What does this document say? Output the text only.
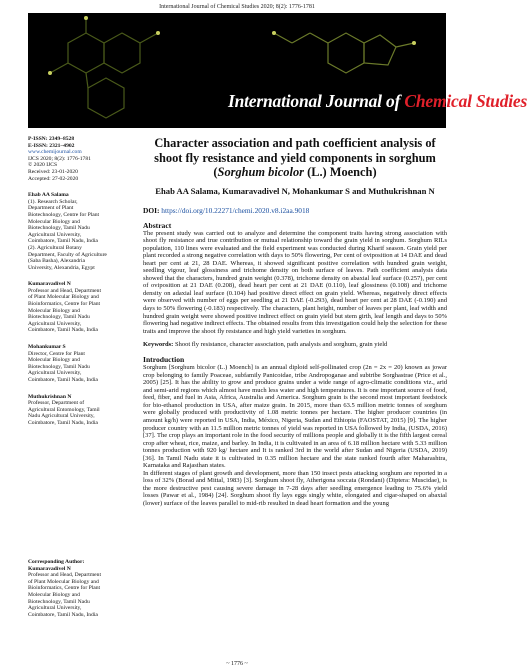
International Journal of Chemical Studies 2020; 8(2): 1776-1781
International Journal of Chemical Studies
P-ISSN: 2349–8528
E-ISSN: 2321–4902
www.chemijournal.com
IJCS 2020; 8(2): 1776-1781
© 2020 IJCS
Received: 23-01-2020
Accepted: 27-02-2020
Ehab AA Salama
(1). Research Scholar,
Department of Plant
Biotechnology, Centre for Plant
Molecular Biology and
Biotechnology, Tamil Nadu
Agricultural University,
Coimbatore, Tamil Nadu, India
(2). Agricultural Botany
Department, Faculty of Agriculture
(Saba Basha), Alexandria
University, Alexandria, Egypt
Kumaravadivel N
Professor and Head, Department
of Plant Molecular Biology and
Bioinformatics, Centre for Plant
Molecular Biology and
Biotechnology, Tamil Nadu
Agricultural University,
Coimbatore, Tamil Nadu, India
Mohankumar S
Director, Centre for Plant
Molecular Biology and
Biotechnology, Tamil Nadu
Agricultural University,
Coimbatore, Tamil Nadu, India
Muthukrishnan N
Professor, Department of
Agricultural Entomology, Tamil
Nadu Agricultural University,
Coimbatore, Tamil Nadu, India
Corresponding Author:
Kumaravadivel N
Professor and Head, Department
of Plant Molecular Biology and
Bioinformatics, Centre for Plant
Molecular Biology and
Biotechnology, Tamil Nadu
Agricultural University,
Coimbatore, Tamil Nadu, India
Character association and path coefficient analysis of shoot fly resistance and yield components in sorghum (Sorghum bicolor (L.) Moench)
Ehab AA Salama, Kumaravadivel N, Mohankumar S and Muthukrishnan N
DOI: https://doi.org/10.22271/chemi.2020.v8.i2aa.9018
Abstract

The present study was carried out to analyze and determine the component traits having strong association with shoot fly resistance and true contribution or mutual relationship toward the grain yield in sorghum. Sorghum RILs population, 110 lines were evaluated and the field experiment was conducted during Kharif season. Grain yield per plant recorded a strong negative correlation with days to 50% flowering, Per cent of oviposition at 14 DAE and dead heart per cent at 21, 28 DAE. Whereas, it showed significant positive correlation with hundred grain weight, seedling vigour, leaf glossiness and trichome density on both surface of leaves. Path coefficient analysis data showed that the characters, hundred grain weight (0.378), trichome density on abaxial leaf surface (0.257), per cent of oviposition at 21 DAE (0.208), dead heart per cent at 21 DAE (0.110), leaf glossiness (0.108) and trichome density on adaxial leaf surface (0.104) had positive direct effect on grain yield. Whereas, negatively direct effects were observed with number of eggs per seedling at 21 DAE (-0.293), dead heart per cent at 28 DAE (-0.190) and days to 50% flowering (-0.183) respectively. The characters, plant height, number of leaves per plant, leaf width and hundred grain weight were showed positive indirect effect on grain yield but stem girth, leaf length and days to 50% flowering had negative indirect effects. The obtained results from this investigation could help the selection for these traits and improve the shoot fly resistance and high yield varieties in sorghum.

Keywords: Shoot fly resistance, character association, path analysis and sorghum, grain yield

Introduction

Sorghum [Sorghum bicolor (L.) Moench] is an annual diploid self-pollinated crop (2n = 2x = 20) known as jowar crop belonging to family Poaceae, subfamily Panicoidae, tribe Andropoganae and subtribe Sorghastrae (Price et al., 2005) [25]. It has the ability to grow and produce grains under a wide range of agro-climatic conditions viz., arid and semi-arid regions which almost have much less water and high temperatures. It is one important source of food, feed, fiber, and fuel in Asia, Africa, Australia and America. Sorghum grain is the second most important feedstock for bio-ethanol production in USA, after maize grain. In 2015, more than 63.5 million metric tonnes of sorghum were globally produced with productivity of 1.08 metric tonnes per hectare. The higher producer countries (in amount kg/h) were reported in USA, India, México, Nigeria, Sudan and Ethiopia (FAOSTAT, 2015) [9]. The higher producer country with an 11.5 million metric tonnes of yield was reported in USA followed by India, (USDA, 2016) [37]. The crop plays an important role in the food security of millions people and globally it is the fifth largest cereal crop after wheat, rice, maize, and barley. In India, it is cultivated in an area of 6.18 million hectare with 5.33 million tonnes production with 920 kg/ hectare and It is ranked 3rd in the world after Sudan and Nigeria (USDA, 2019) [36]. In Tamil Nadu state it is cultivated in 0.35 million hectare and the state ranked fourth after Maharashtra, Karnataka and Rajasthan states.

In different stages of plant growth and development, more than 150 insect pests attacking sorghum are reported in a loss of 32% (Borad and Mittal, 1983) [3]. Sorghum shoot fly, Atherigona soccata (Rondani) (Diptera: Muscidae), is the more destructive pest causing severe damage in 7-28 days after seedling emergence leading to 75.6% yield losses (Pawar et al., 1984) [24]. Sorghum shoot fly lays eggs singly white, elongated and cigar-shaped on abaxial (lower) surface of the leaves parallel to mid-rib resulted in dead heart formation and the young

~ 1776 ~
